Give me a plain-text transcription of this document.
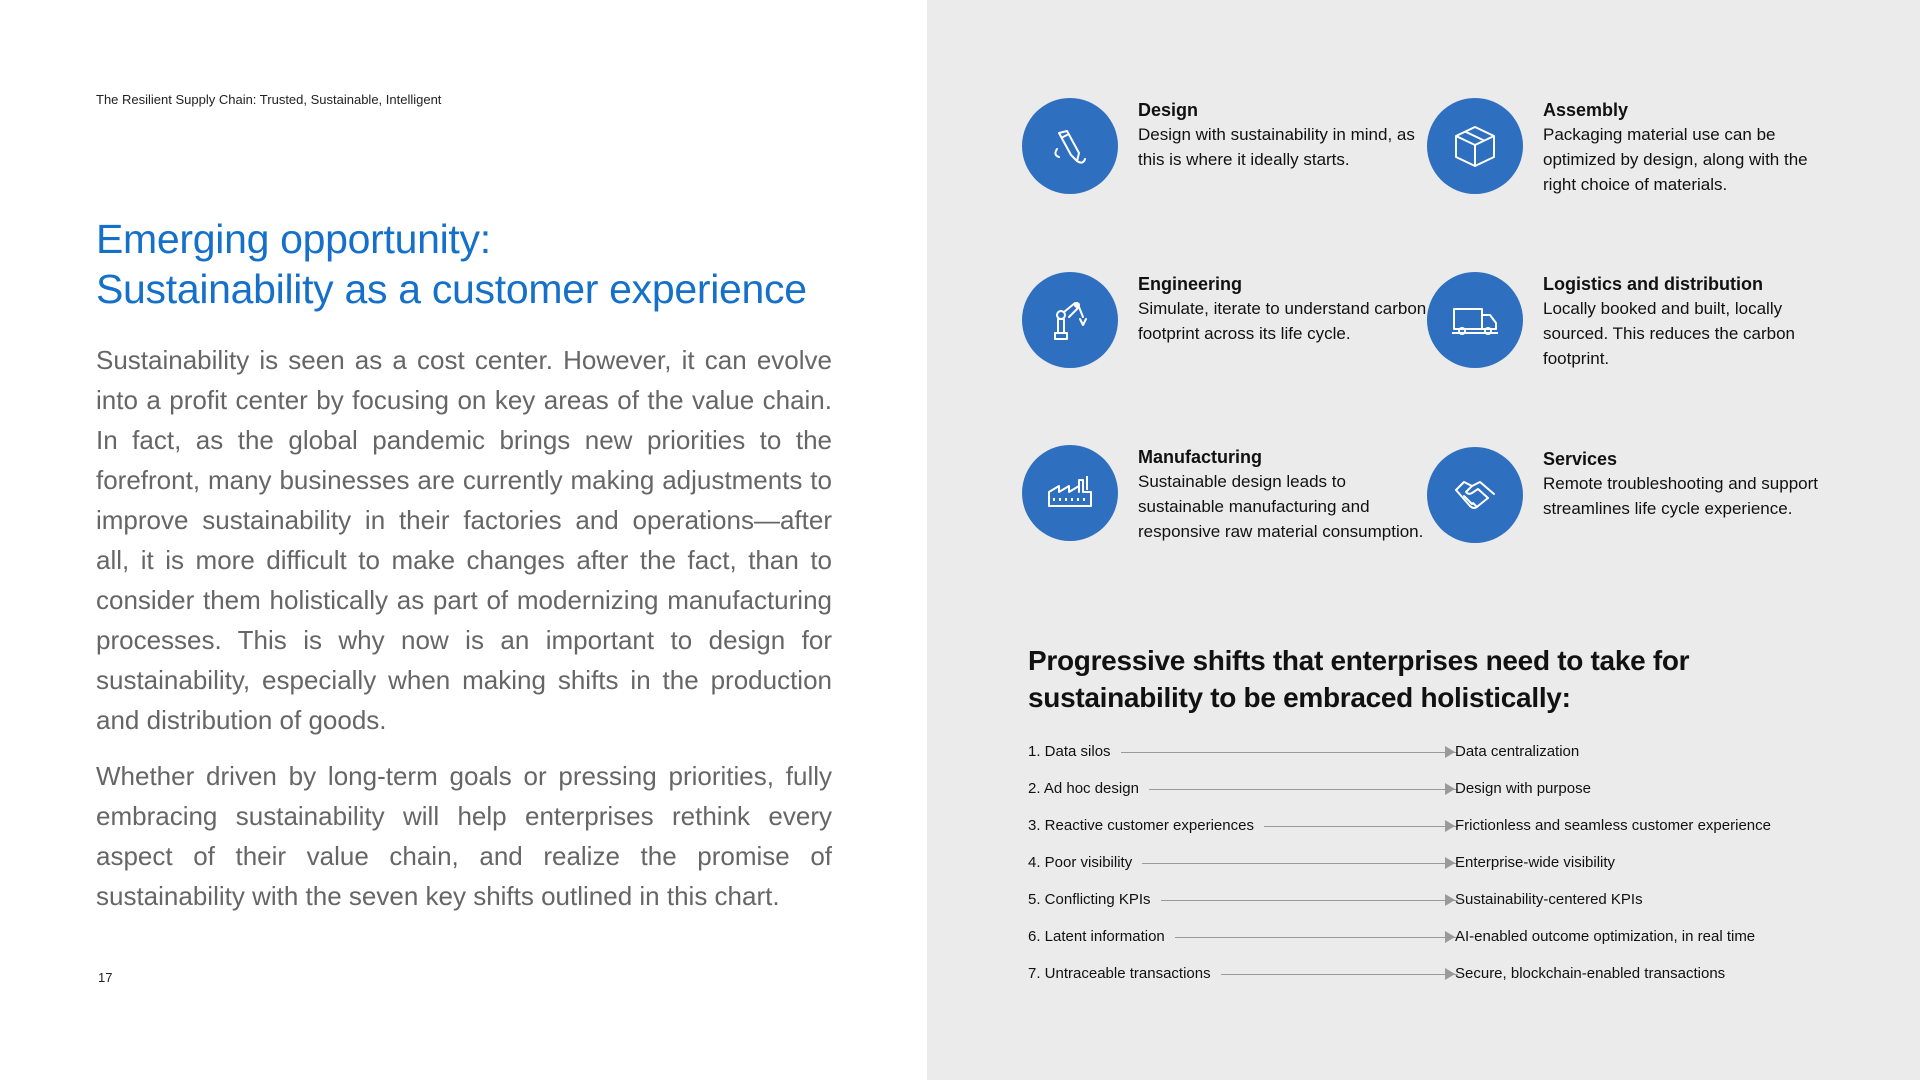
The Resilient Supply Chain: Trusted, Sustainable, Intelligent
Emerging opportunity:
Sustainability as a customer experience

Sustainability is seen as a cost center. However, it can evolve into a profit center by focusing on key areas of the value chain. In fact, as the global pandemic brings new priorities to the forefront, many businesses are currently making adjustments to improve sustainability in their factories and operations—after all, it is more difficult to make changes after the fact, than to consider them holistically as part of modernizing manufacturing processes. This is why now is an important to design for sustainability, especially when making shifts in the production and distribution of goods.

Whether driven by long-term goals or pressing priorities, fully embracing sustainability will help enterprises rethink every aspect of their value chain, and realize the promise of sustainability with the seven key shifts outlined in this chart.

17
Design
Design with sustainability in mind, as this is where it ideally starts.
Assembly
Packaging material use can be optimized by design, along with the right choice of materials.
Engineering
Simulate, iterate to understand carbon footprint across its life cycle.
Logistics and distribution
Locally booked and built, locally sourced. This reduces the carbon footprint.
Manufacturing
Sustainable design leads to sustainable manufacturing and responsive raw material consumption.
Services
Remote troubleshooting and support streamlines life cycle experience.
Progressive shifts that enterprises need to take for
sustainability to be embraced holistically:
1. Data silos	Data centralization
2. Ad hoc design	Design with purpose
3. Reactive customer experiences	Frictionless and seamless customer experience
4. Poor visibility	Enterprise-wide visibility
5. Conflicting KPIs	Sustainability-centered KPIs
6. Latent information	AI-enabled outcome optimization, in real time
7. Untraceable transactions	Secure, blockchain-enabled transactions
